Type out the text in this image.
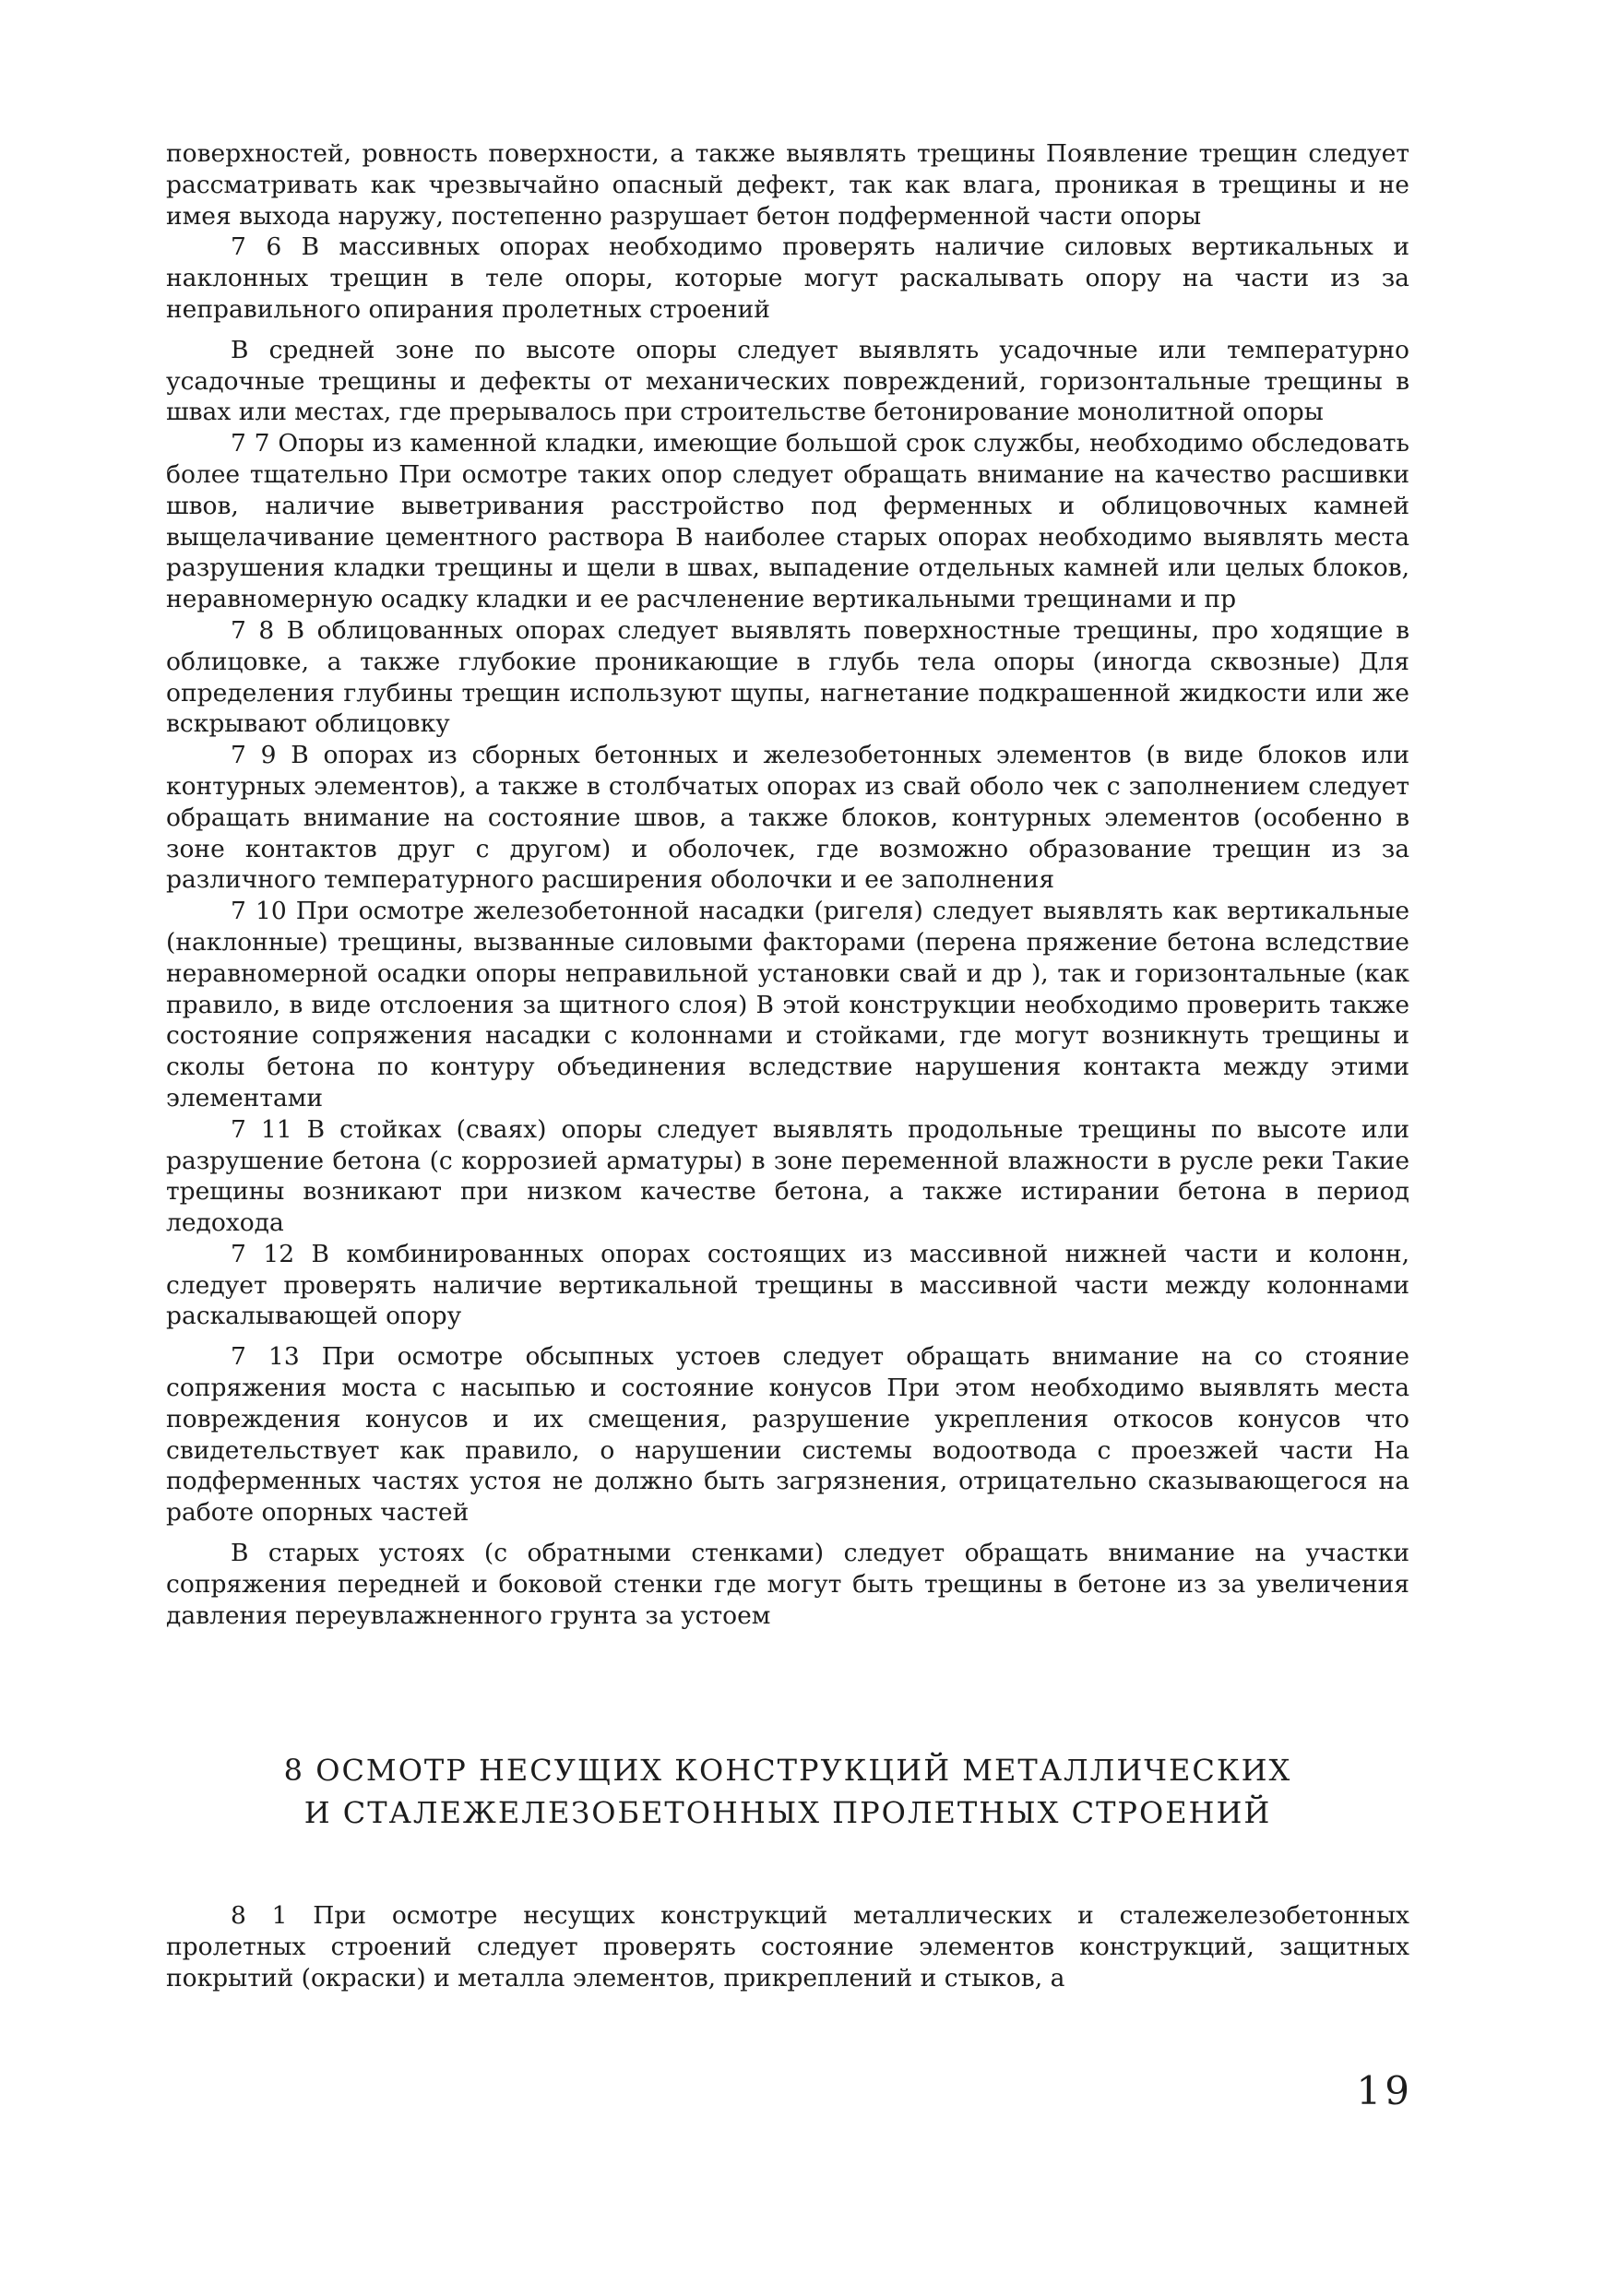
поверхностей, ровность поверхности, а также выявлять трещины Появление трещин следует рассматривать как чрезвычайно опасный дефект, так как влага, проникая в трещины и не имея выхода наружу, постепенно разрушает бетон подферменной части опоры

7 6 В массивных опорах необходимо проверять наличие силовых вертикальных и наклонных трещин в теле опоры, которые могут раскалывать опору на части из за неправильного опирания пролетных строений

В средней зоне по высоте опоры следует выявлять усадочные или температурно усадочные трещины и дефекты от механических повреждений, горизонтальные трещины в швах или местах, где прерывалось при строительстве бетонирование монолитной опоры

7 7 Опоры из каменной кладки, имеющие большой срок службы, необходимо обследовать более тщательно При осмотре таких опор следует обращать внимание на качество расшивки швов, наличие выветривания расстройство под ферменных и облицовочных камней выщелачивание цементного раствора В наиболее старых опорах необходимо выявлять места разрушения кладки трещины и щели в швах, выпадение отдельных камней или целых блоков, неравномерную осадку кладки и ее расчленение вертикальными трещинами и пр

7 8 В облицованных опорах следует выявлять поверхностные трещины, про ходящие в облицовке, а также глубокие проникающие в глубь тела опоры (иногда сквозные) Для определения глубины трещин используют щупы, нагнетание подкрашенной жидкости или же вскрывают облицовку

7 9 В опорах из сборных бетонных и железобетонных элементов (в виде блоков или контурных элементов), а также в столбчатых опорах из свай оболо чек с заполнением следует обращать внимание на состояние швов, а также блоков, контурных элементов (особенно в зоне контактов друг с другом) и оболочек, где возможно образование трещин из за различного температурного расширения оболочки и ее заполнения

7 10 При осмотре железобетонной насадки (ригеля) следует выявлять как вертикальные (наклонные) трещины, вызванные силовыми факторами (перена пряжение бетона вследствие неравномерной осадки опоры неправильной установки свай и др ), так и горизонтальные (как правило, в виде отслоения за щитного слоя) В этой конструкции необходимо проверить также состояние сопряжения насадки с колоннами и стойками, где могут возникнуть трещины и сколы бетона по контуру объединения вследствие нарушения контакта между этими элементами

7 11 В стойках (сваях) опоры следует выявлять продольные трещины по высоте или разрушение бетона (с коррозией арматуры) в зоне переменной влажности в русле реки Такие трещины возникают при низком качестве бетона, а также истирании бетона в период ледохода

7 12 В комбинированных опорах состоящих из массивной нижней части и колонн, следует проверять наличие вертикальной трещины в массивной части между колоннами раскалывающей опору

7 13 При осмотре обсыпных устоев следует обращать внимание на со стояние сопряжения моста с насыпью и состояние конусов При этом необходимо выявлять места повреждения конусов и их смещения, разрушение укрепления откосов конусов что свидетельствует как правило, о нарушении системы водоотвода с проезжей части На подферменных частях устоя не должно быть загрязнения, отрицательно сказывающегося на работе опорных частей

В старых устоях (с обратными стенками) следует обращать внимание на участки сопряжения передней и боковой стенки где могут быть трещины в бетоне из за увеличения давления переувлажненного грунта за устоем

8 ОСМОТР НЕСУЩИХ КОНСТРУКЦИЙ МЕТАЛЛИЧЕСКИХ
И СТАЛЕЖЕЛЕЗОБЕТОННЫХ ПРОЛЕТНЫХ СТРОЕНИЙ

8 1 При осмотре несущих конструкций металлических и сталежелезобетонных пролетных строений следует проверять состояние элементов конструкций, защитных покрытий (окраски) и металла элементов, прикреплений и стыков, а

19
